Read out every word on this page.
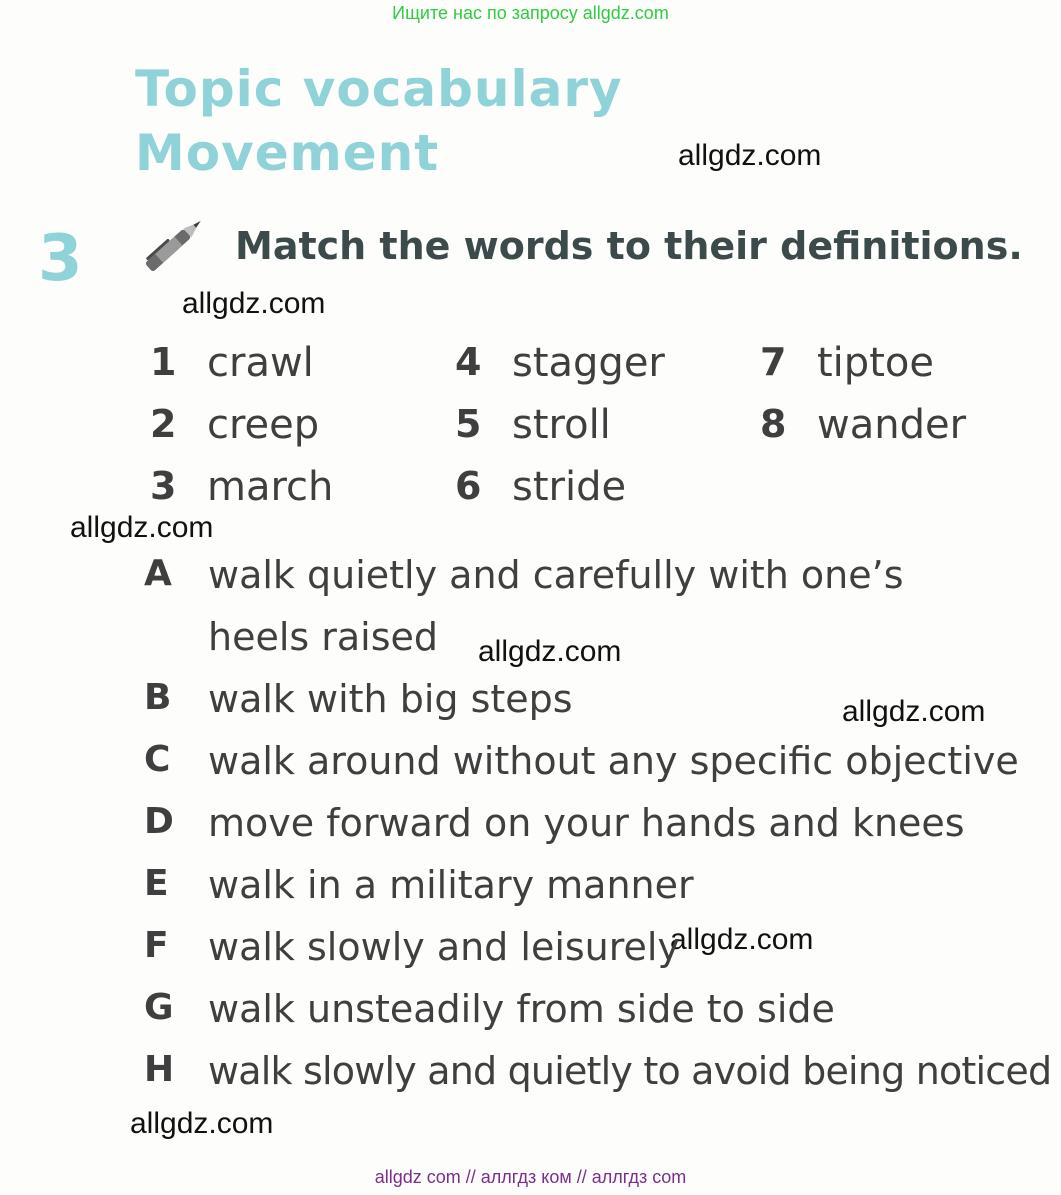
Ищите нас по запросу allgdz.com
Topic vocabulary
Movement	allgdz.com
allgdz.com
allgdz.com
allgdz.com
allgdz.com
allgdz.com
allgdz.com
3	Match the words to their definitions.
1 crawl
2 creep
3 march
4 stagger
5 stroll
6 stride
7 tiptoe
8 wander
A walk quietly and carefully with one’s
heels raised
B walk with big steps
C walk around without any specific objective
D move forward on your hands and knees
E walk in a military manner
F walk slowly and leisurely
G walk unsteadily from side to side
H walk slowly and quietly to avoid being noticed
allgdz com // аллгдз ком // аллгдз com
